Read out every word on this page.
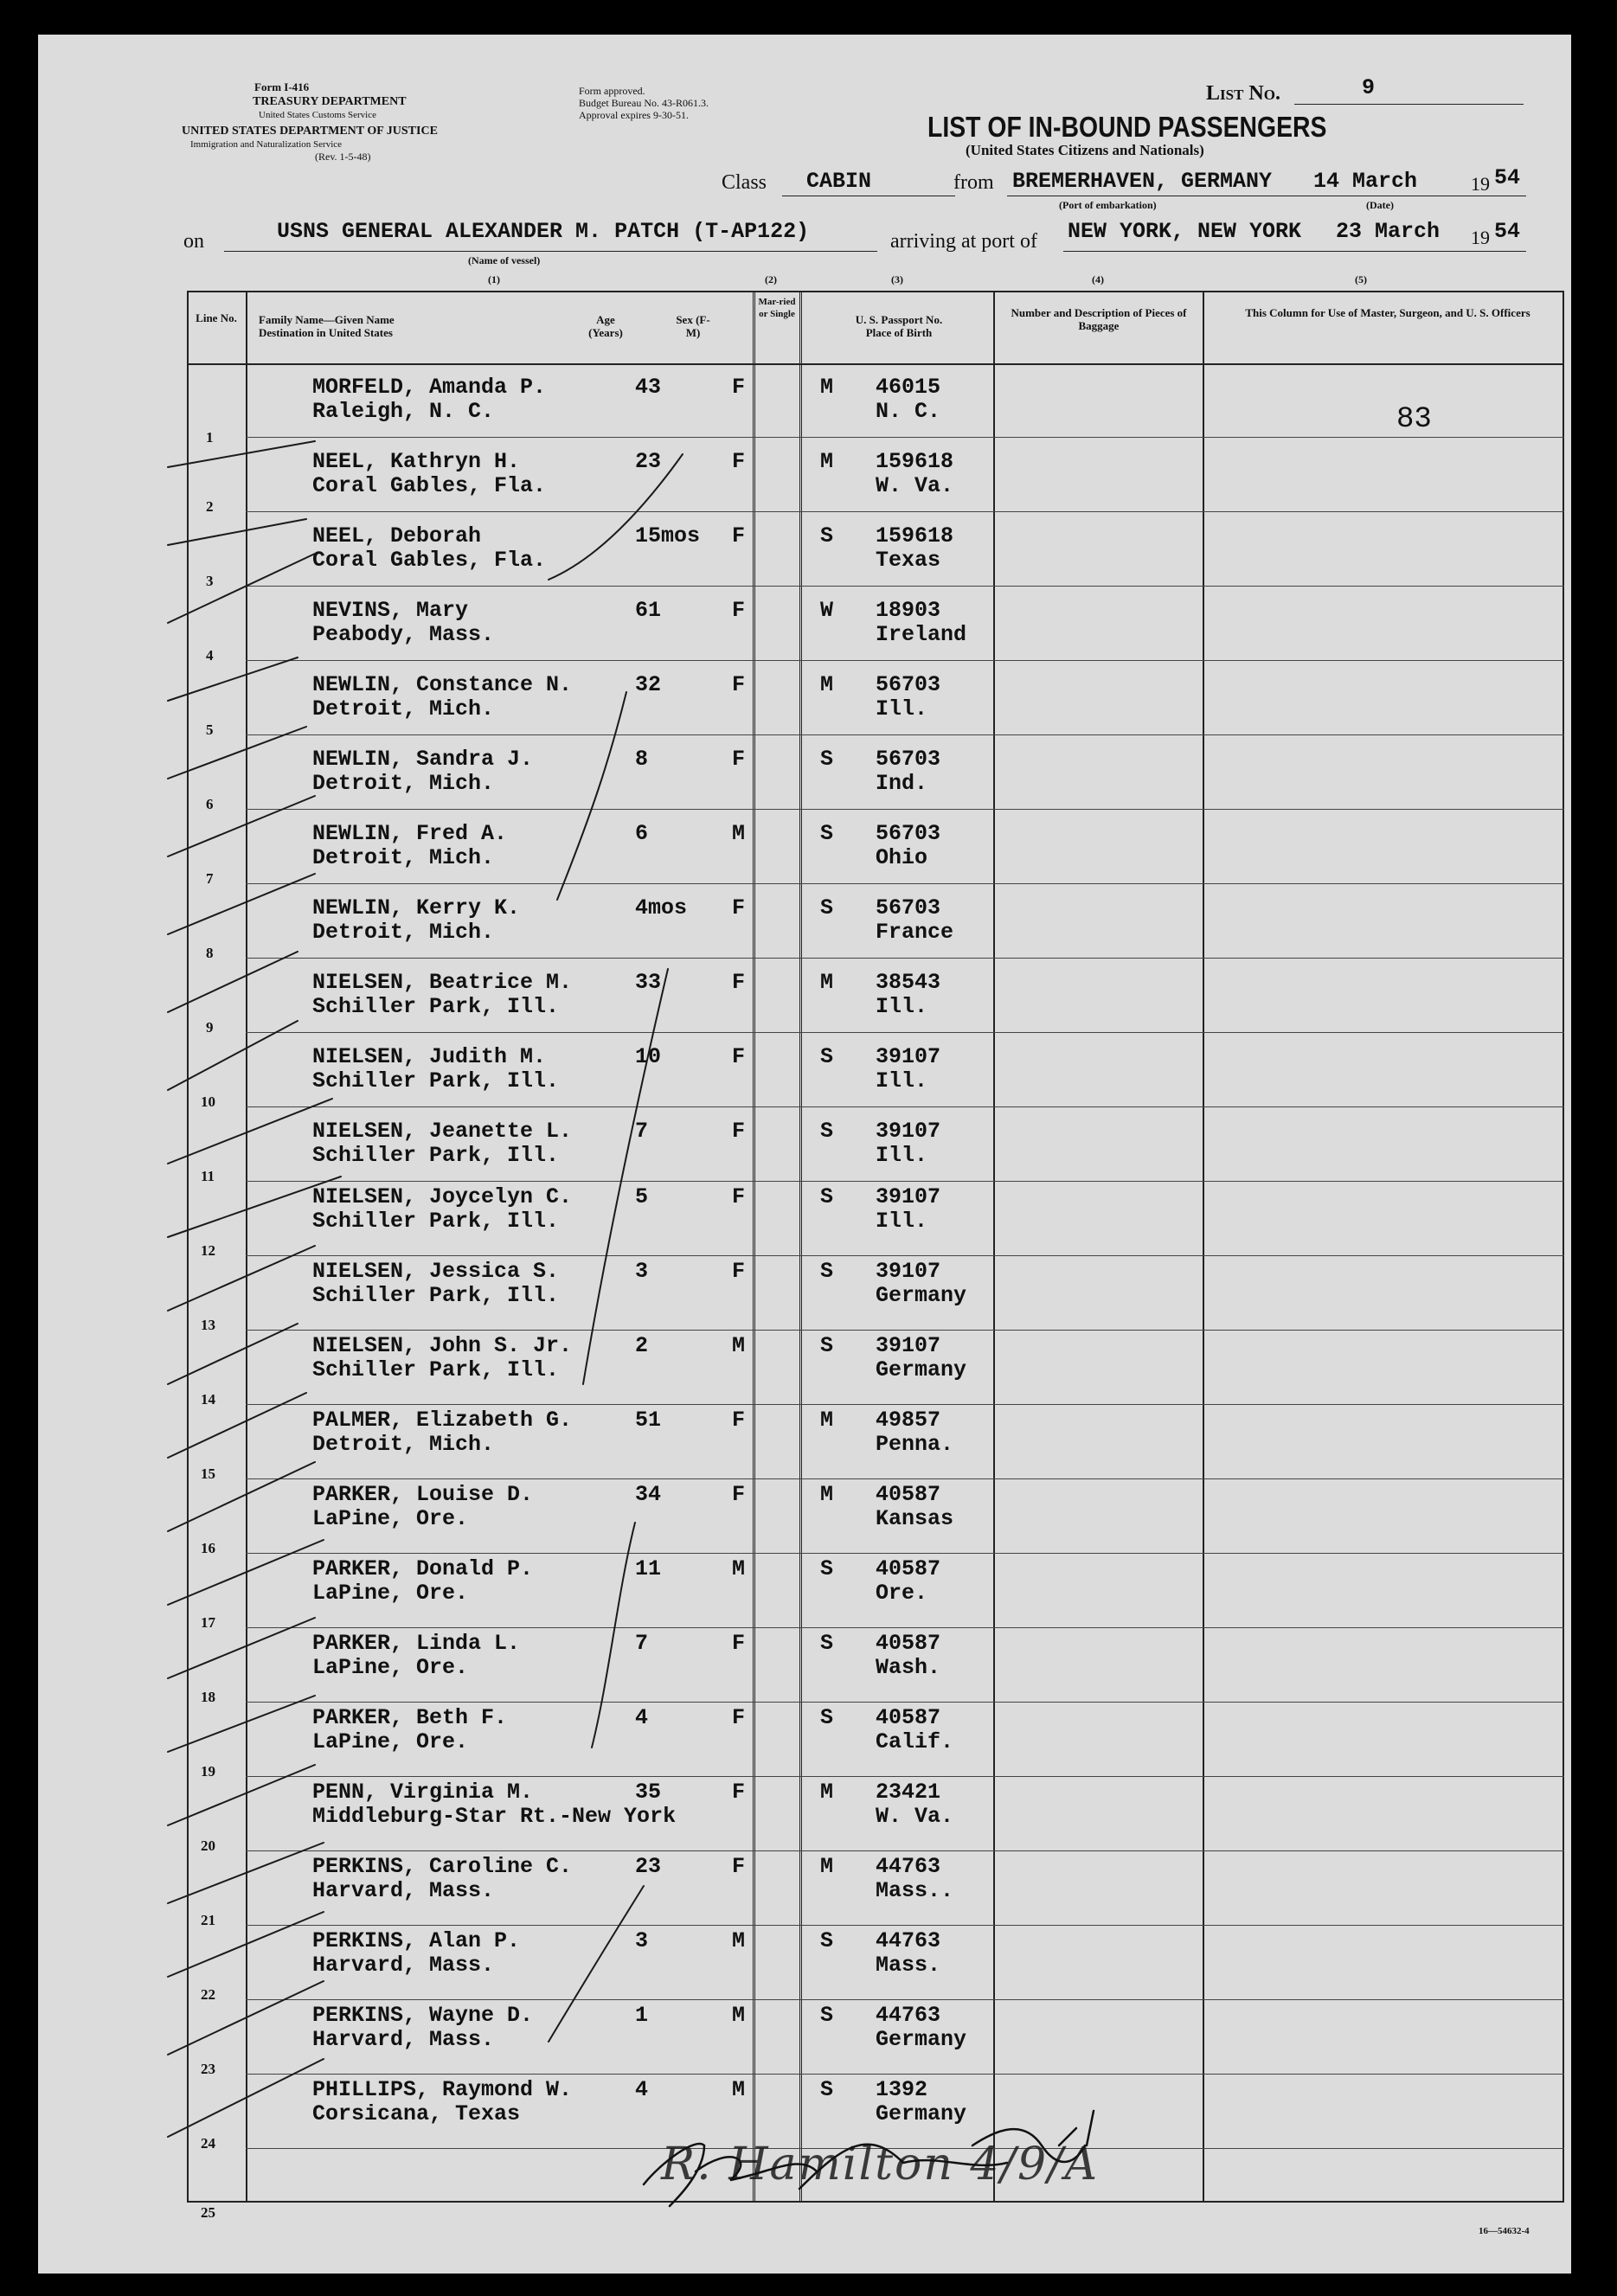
Form I-416
TREASURY DEPARTMENT
United States Customs Service
UNITED STATES DEPARTMENT OF JUSTICE
Immigration and Naturalization Service
(Rev. 1-5-48)
Form approved.
Budget Bureau No. 43-R061.3.
Approval expires 9-30-51.
List No.	9
LIST OF IN-BOUND PASSENGERS
(United States Citizens and Nationals)
Class CABIN	from BREMERHAVEN, GERMANY 14 March	19 54
(Port of embarkation)	(Date)
on	USNS GENERAL ALEXANDER M. PATCH (T-AP122)	arriving at port of NEW YORK, NEW YORK 23 March 19 54
(Name of vessel)
(1)	(2)	(3)	(4)	(5)
Line No.	Family Name—Given Name
Destination in United States
Age (Years)
Sex (F-M)
Mar-ried or Single	U. S. Passport No.
Place of Birth
Number and Description of Pieces of Baggage
This Column for Use of Master, Surgeon, and U. S. Officers
83
1
MORFELD, Amanda P.
Raleigh, N. C.
43	F	M 46015
N. C.
2
NEEL, Kathryn H.
Coral Gables, Fla.
23	F	M 159618
W. Va.
3
NEEL, Deborah
Coral Gables, Fla.
15mos F	S 159618
Texas
4
NEVINS, Mary
Peabody, Mass.
61	F	W 18903
Ireland
5
NEWLIN, Constance N.
Detroit, Mich.
32	F	M 56703
Ill.
6
NEWLIN, Sandra J.
Detroit, Mich.
8	F	S 56703
Ind.
7
NEWLIN, Fred A.
Detroit, Mich.
6	M	S 56703
Ohio
8
NEWLIN, Kerry K.
Detroit, Mich.
4mos F	S 56703
France
9
NIELSEN, Beatrice M.
Schiller Park, Ill.
33	F	M 38543
Ill.
10
NIELSEN, Judith M.
Schiller Park, Ill.
10	F	S 39107
Ill.
11
NIELSEN, Jeanette L.
Schiller Park, Ill.
7	F	S 39107
Ill.
12
NIELSEN, Joycelyn C.
Schiller Park, Ill.
5	F	S 39107
Ill.
13
NIELSEN, Jessica S.
Schiller Park, Ill.
3	F	S 39107
Germany
14
NIELSEN, John S. Jr.
Schiller Park, Ill.
2	M	S 39107
Germany
15
PALMER, Elizabeth G.
Detroit, Mich.
51	F	M 49857
Penna.
16
PARKER, Louise D.
LaPine, Ore.
34	F	M 40587
Kansas
17
PARKER, Donald P.
LaPine, Ore.
11	M	S 40587
Ore.
18
PARKER, Linda L.
LaPine, Ore.
7	F	S 40587
Wash.
19
PARKER, Beth F.
LaPine, Ore.
4	F	S 40587
Calif.
20
PENN, Virginia M.
Middleburg-Star Rt.-New York
35	F	M 23421
W. Va.
21
PERKINS, Caroline C.
Harvard, Mass.
23	F	M 44763
Mass..
22
PERKINS, Alan P.
Harvard, Mass.
3	M	S 44763
Mass.
23
PERKINS, Wayne D.
Harvard, Mass.
1	M	S 44763
Germany
24
PHILLIPS, Raymond W.
Corsicana, Texas
4	M	S 1392
Germany
25
R. Hamilton 4/9/A
16—54632-4
